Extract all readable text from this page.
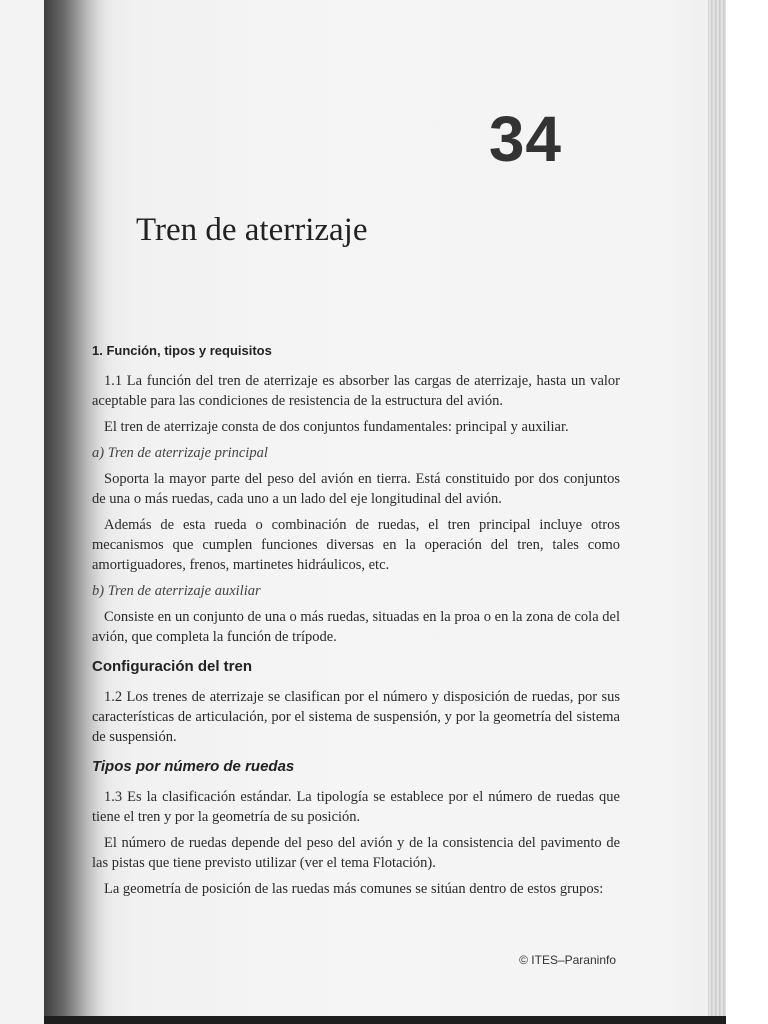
34
Tren de aterrizaje
1. Función, tipos y requisitos

1.1 La función del tren de aterrizaje es absorber las cargas de aterrizaje, hasta un valor aceptable para las condiciones de resistencia de la estructura del avión.

El tren de aterrizaje consta de dos conjuntos fundamentales: principal y auxiliar.

a) Tren de aterrizaje principal

Soporta la mayor parte del peso del avión en tierra. Está constituido por dos conjuntos de una o más ruedas, cada uno a un lado del eje longitudinal del avión.

Además de esta rueda o combinación de ruedas, el tren principal incluye otros mecanismos que cumplen funciones diversas en la operación del tren, tales como amortiguadores, frenos, martinetes hidráulicos, etc.

b) Tren de aterrizaje auxiliar

Consiste en un conjunto de una o más ruedas, situadas en la proa o en la zona de cola del avión, que completa la función de trípode.

Configuración del tren

1.2 Los trenes de aterrizaje se clasifican por el número y disposición de ruedas, por sus características de articulación, por el sistema de suspensión, y por la geometría del sistema de suspensión.

Tipos por número de ruedas

1.3 Es la clasificación estándar. La tipología se establece por el número de ruedas que tiene el tren y por la geometría de su posición.

El número de ruedas depende del peso del avión y de la consistencia del pavimento de las pistas que tiene previsto utilizar (ver el tema Flotación).

La geometría de posición de las ruedas más comunes se sitúan dentro de estos grupos:

© ITES–Paraninfo
